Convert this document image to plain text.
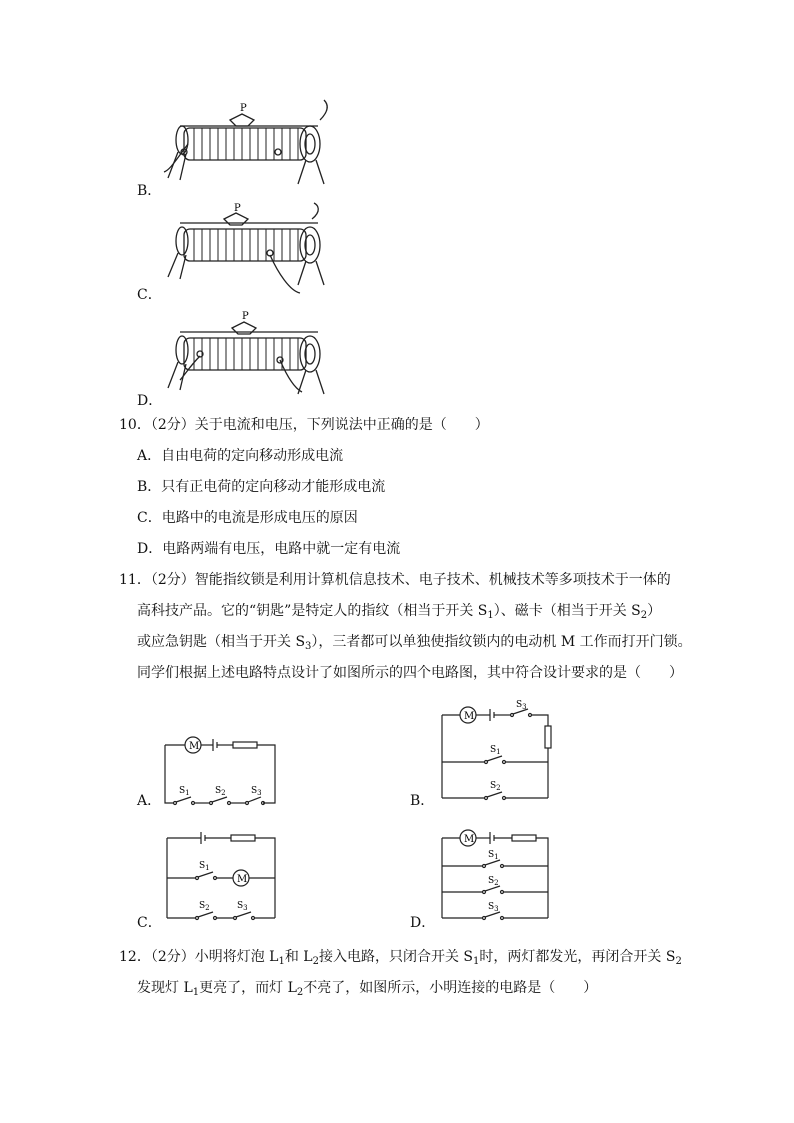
B．
C．
D．
P
P
P
10．（2分）关于电流和电压，下列说法中正确的是（　　）
A．自由电荷的定向移动形成电流
B．只有正电荷的定向移动才能形成电流
C．电路中的电流是形成电压的原因
D．电路两端有电压，电路中就一定有电流
11．（2分）智能指纹锁是利用计算机信息技术、电子技术、机械技术等多项技术于一体的
高科技产品。它的“钥匙”是特定人的指纹（相当于开关 $S_1$）、磁卡（相当于开关 $S_2$）
或应急钥匙（相当于开关 $S_3$），三者都可以单独使指纹锁内的电动机 M 工作而打开门锁。
同学们根据上述电路特点设计了如图所示的四个电路图，其中符合设计要求的是（　　）
A．	B．
C．	D．
M
$S_1$	$S_2$	$S_3$
M
$S_3$
$S_1$
$S_2$
M
$S_1$
$S_2$	$S_3$
M
$S_1$
$S_2$
$S_3$
12．（2分）小明将灯泡 $L_1$和 $L_2$接入电路，只闭合开关 $S_1$时，两灯都发光，再闭合开关 $S_2$
发现灯 $L_1$更亮了，而灯 $L_2$不亮了，如图所示，小明连接的电路是（　　）
